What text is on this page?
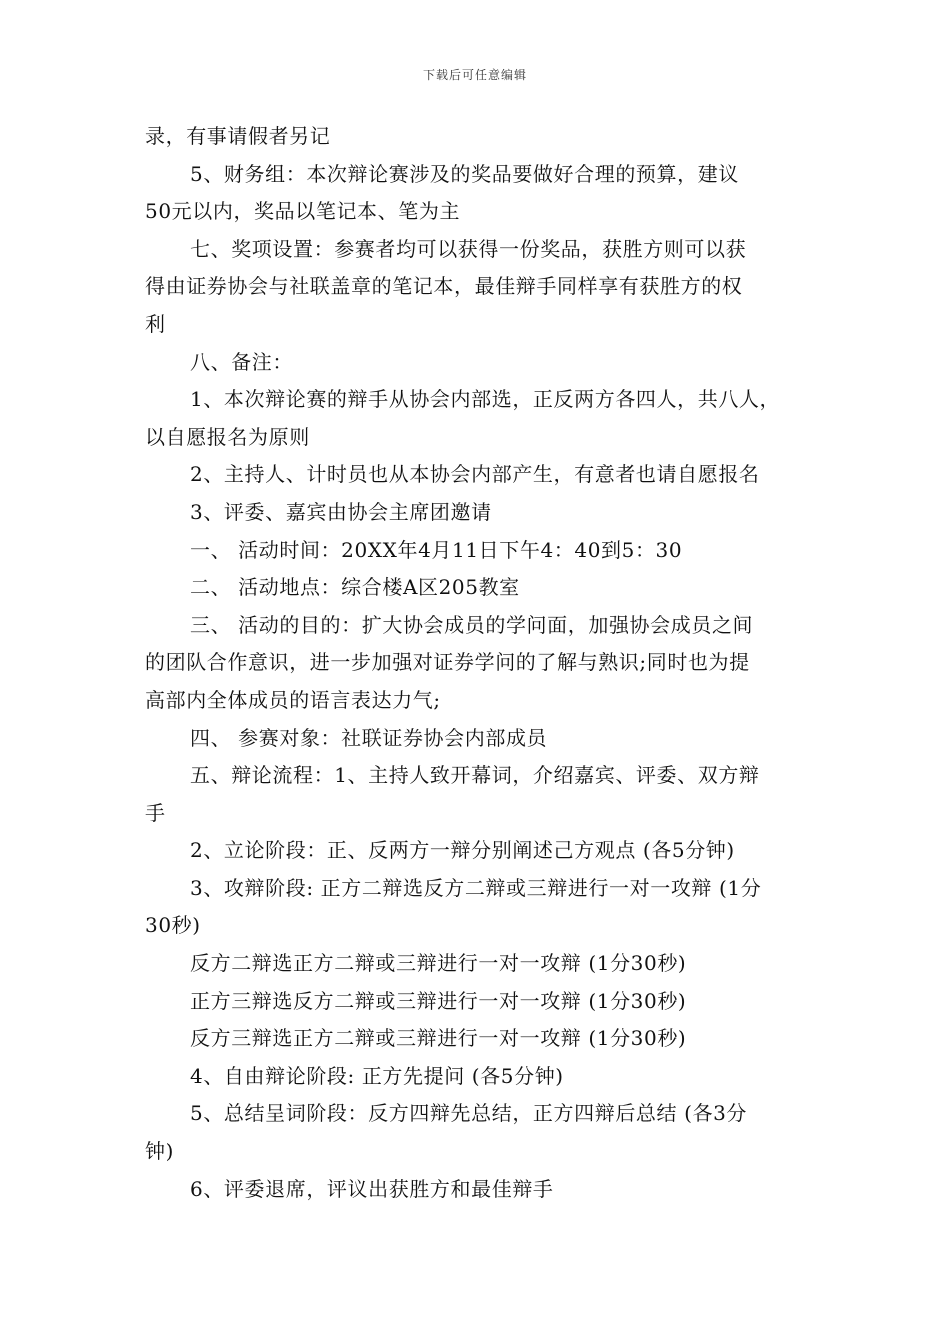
下载后可任意编辑
录，有事请假者另记
5、财务组：本次辩论赛涉及的奖品要做好合理的预算，建议
50元以内，奖品以笔记本、笔为主
七、奖项设置：参赛者均可以获得一份奖品，获胜方则可以获
得由证券协会与社联盖章的笔记本，最佳辩手同样享有获胜方的权
利
八、备注：
1、本次辩论赛的辩手从协会内部选，正反两方各四人，共八人，
以自愿报名为原则
2、主持人、计时员也从本协会内部产生，有意者也请自愿报名
3、评委、嘉宾由协会主席团邀请
一、 活动时间：20XX年4月11日下午4：40到5：30
二、 活动地点：综合楼A区205教室
三、 活动的目的：扩大协会成员的学问面，加强协会成员之间
的团队合作意识，进一步加强对证券学问的了解与熟识;同时也为提
高部内全体成员的语言表达力气;
四、 参赛对象：社联证券协会内部成员
五、辩论流程：1、主持人致开幕词，介绍嘉宾、评委、双方辩
手
2、立论阶段：正、反两方一辩分别阐述己方观点 (各5分钟)
3、攻辩阶段: 正方二辩选反方二辩或三辩进行一对一攻辩 (1分
30秒)
反方二辩选正方二辩或三辩进行一对一攻辩 (1分30秒)
正方三辩选反方二辩或三辩进行一对一攻辩 (1分30秒)
反方三辩选正方二辩或三辩进行一对一攻辩 (1分30秒)
4、自由辩论阶段: 正方先提问 (各5分钟)
5、总结呈词阶段：反方四辩先总结，正方四辩后总结 (各3分
钟)
6、评委退席，评议出获胜方和最佳辩手
